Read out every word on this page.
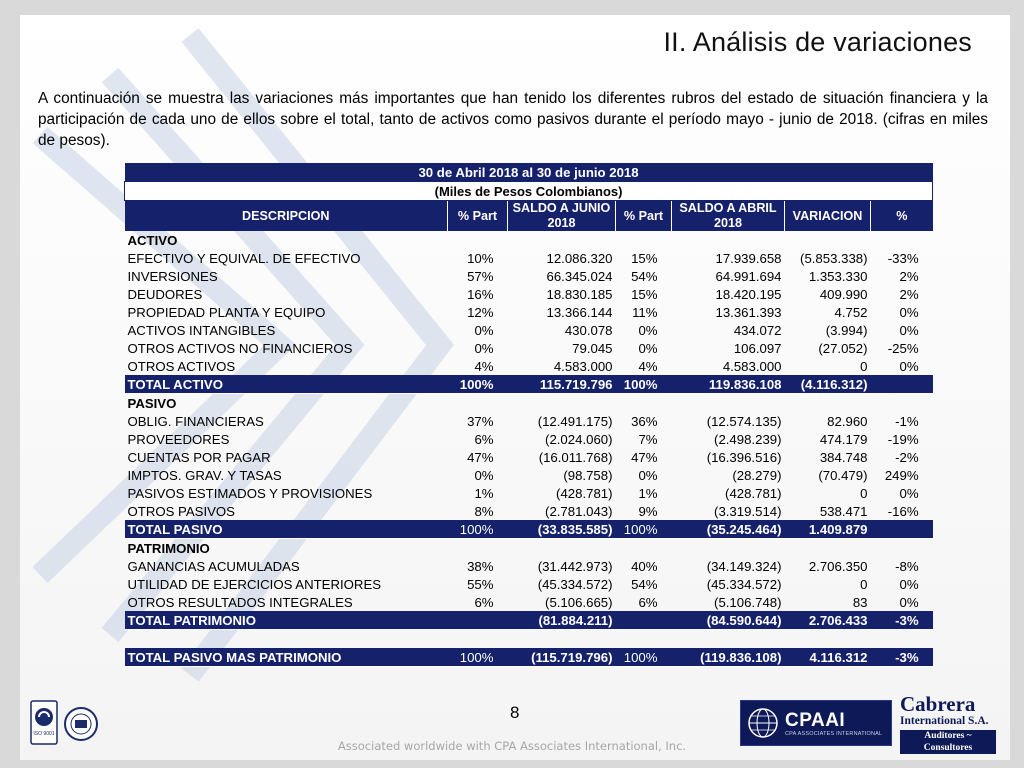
II. Análisis de variaciones
A continuación se muestra las variaciones más importantes que han tenido los diferentes rubros del estado de situación financiera y la participación de cada uno de ellos sobre el total, tanto de activos como pasivos durante el período mayo - junio de 2018. (cifras en miles de pesos).
30 de Abril 2018 al 30 de junio 2018						
(Miles de Pesos Colombianos)						
DESCRIPCION	% Part	SALDO A JUNIO 2018	% Part	SALDO A ABRIL 2018	VARIACION	%
ACTIVO						
EFECTIVO Y EQUIVAL. DE EFECTIVO	10%	12.086.320	15%	17.939.658	(5.853.338)	-33%
INVERSIONES	57%	66.345.024	54%	64.991.694	1.353.330	2%
DEUDORES	16%	18.830.185	15%	18.420.195	409.990	2%
PROPIEDAD PLANTA Y EQUIPO	12%	13.366.144	11%	13.361.393	4.752	0%
ACTIVOS INTANGIBLES	0%	430.078	0%	434.072	(3.994)	0%
OTROS ACTIVOS NO FINANCIEROS	0%	79.045	0%	106.097	(27.052)	-25%
OTROS ACTIVOS	4%	4.583.000	4%	4.583.000	0	0%
TOTAL ACTIVO	100%	115.719.796	100%	119.836.108	(4.116.312)	
PASIVO						
OBLIG. FINANCIERAS	37%	(12.491.175)	36%	(12.574.135)	82.960	-1%
PROVEEDORES	6%	(2.024.060)	7%	(2.498.239)	474.179	-19%
CUENTAS POR PAGAR	47%	(16.011.768)	47%	(16.396.516)	384.748	-2%
IMPTOS. GRAV. Y TASAS	0%	(98.758)	0%	(28.279)	(70.479)	249%
PASIVOS ESTIMADOS Y PROVISIONES	1%	(428.781)	1%	(428.781)	0	0%
OTROS PASIVOS	8%	(2.781.043)	9%	(3.319.514)	538.471	-16%
TOTAL PASIVO	100%	(33.835.585)	100%	(35.245.464)	1.409.879	
PATRIMONIO						
GANANCIAS ACUMULADAS	38%	(31.442.973)	40%	(34.149.324)	2.706.350	-8%
UTILIDAD DE EJERCICIOS ANTERIORES	55%	(45.334.572)	54%	(45.334.572)	0	0%
OTROS RESULTADOS INTEGRALES	6%	(5.106.665)	6%	(5.106.748)	83	0%
TOTAL PATRIMONIO		(81.884.211)		(84.590.644)	2.706.433	-3%

TOTAL PASIVO MAS PATRIMONIO	100%	(115.719.796)	100%	(119.836.108)	4.116.312	-3%
8
ISO 9001
CPAAI
CPA ASSOCIATES INTERNATIONAL
Cabrera
International S.A.
Auditores ~ Consultores
Associated worldwide with CPA Associates International, Inc.
